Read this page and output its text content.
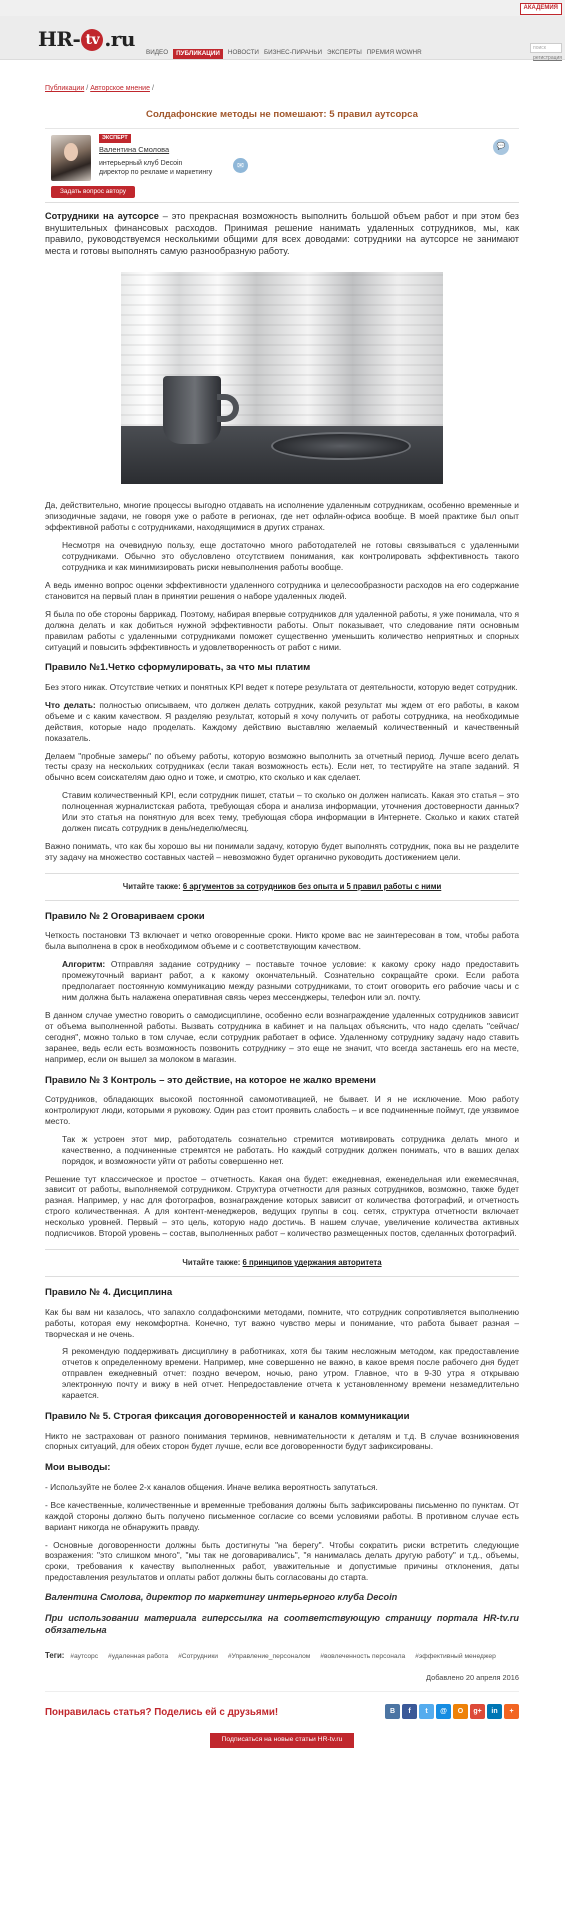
АКАДЕМИЯ
HR- tv .ru
ВИДЕО	ПУБЛИКАЦИИ	НОВОСТИ БИЗНЕС-ПИРАНЬИ ЭКСПЕРТЫ ПРЕМИЯ WOWHR
поиск
регистрация
Публикации / Авторское мнение /
Солдафонские методы не помешают: 5 правил аутсорса
ЭКСПЕРТ
Валентина Смолова
интерьерный клуб Decoin
директор по рекламе и маркетингу
✉
Задать вопрос автору
💬

Сотрудники на аутсорсе – это прекрасная возможность выполнить большой объем работ и при этом без внушительных финансовых расходов. Принимая решение нанимать удаленных сотрудников, мы, как правило, руководствуемся несколькими общими для всех доводами: сотрудники на аутсорсе не занимают места и готовы выполнять самую разнообразную работу.

Да, действительно, многие процессы выгодно отдавать на исполнение удаленным сотрудникам, особенно временные и эпизодичные задачи, не говоря уже о работе в регионах, где нет офлайн-офиса вообще. В моей практике был опыт эффективной работы с сотрудниками, находящимися в других странах.

Несмотря на очевидную пользу, еще достаточно много работодателей не готовы связываться с удаленными сотрудниками. Обычно это обусловлено отсутствием понимания, как контролировать эффективность такого сотрудника и как минимизировать риски невыполнения работы вообще.

А ведь именно вопрос оценки эффективности удаленного сотрудника и целесообразности расходов на его содержание становится на первый план в принятии решения о наборе удаленных людей.

Я была по обе стороны баррикад. Поэтому, набирая впервые сотрудников для удаленной работы, я уже понимала, что я должна делать и как добиться нужной эффективности работы. Опыт показывает, что следование пяти основным правилам работы с удаленными сотрудниками поможет существенно уменьшить количество неприятных и спорных ситуаций и повысить эффективность и удовлетворенность от работ с ними.

Правило №1.Четко сформулировать, за что мы платим

Без этого никак. Отсутствие четких и понятных KPI ведет к потере результата от деятельности, которую ведет сотрудник.

Что делать: полностью описываем, что должен делать сотрудник, какой результат мы ждем от его работы, в каком объеме и с каким качеством. Я разделяю результат, который я хочу получить от работы сотрудника, на необходимые действия, которые надо проделать. Каждому действию выставляю желаемый количественный и качественный показатель.

Делаем "пробные замеры" по объему работы, которую возможно выполнить за отчетный период. Лучше всего делать тесты сразу на нескольких сотрудниках (если такая возможность есть). Если нет, то тестируйте на этапе заданий. Я обычно всем соискателям даю одно и тоже, и смотрю, кто сколько и как сделает.

Ставим количественный KPI, если сотрудник пишет, статьи – то сколько он должен написать. Какая это статья – это полноценная журналистская работа, требующая сбора и анализа информации, уточнения достоверности данных? Или это статья на понятную для всех тему, требующая сбора информации в Интернете. Сколько и каких статей должен писать сотрудник в день/неделю/месяц.

Важно понимать, что как бы хорошо вы ни понимали задачу, которую будет выполнять сотрудник, пока вы не разделите эту задачу на множество составных частей – невозможно будет органично руководить достижением цели.

Читайте также: 6 аргументов за сотрудников без опыта и 5 правил работы с ними
Правило № 2 Оговариваем сроки

Четкость постановки ТЗ включает и четко оговоренные сроки. Никто кроме вас не заинтересован в том, чтобы работа была выполнена в срок в необходимом объеме и с соответствующим качеством.

Алгоритм: Отправляя задание сотруднику – поставьте точное условие: к какому сроку надо предоставить промежуточный вариант работ, а к какому окончательный. Сознательно сокращайте сроки. Если работа предполагает постоянную коммуникацию между разными сотрудниками, то стоит оговорить его рабочие часы и с ним должна быть налажена оперативная связь через мессенджеры, телефон или эл. почту.

В данном случае уместно говорить о самодисциплине, особенно если вознаграждение удаленных сотрудников зависит от объема выполненной работы. Вызвать сотрудника в кабинет и на пальцах объяснить, что надо сделать "сейчас/сегодня", можно только в том случае, если сотрудник работает в офисе. Удаленному сотруднику задачу надо ставить заранее, ведь если есть возможность позвонить сотруднику – это еще не значит, что всегда застанешь его на месте, например, если он вышел за молоком в магазин.

Правило № 3 Контроль – это действие, на которое не жалко времени

Сотрудников, обладающих высокой постоянной самомотивацией, не бывает. И я не исключение. Мою работу контролируют люди, которыми я руковожу. Один раз стоит проявить слабость – и все подчиненные поймут, где уязвимое место.

Так ж устроен этот мир, работодатель сознательно стремится мотивировать сотрудника делать много и качественно, а подчиненные стремятся не работать. Но каждый сотрудник должен понимать, что в ваших делах порядок, и возможности уйти от работы совершенно нет.

Решение тут классическое и простое – отчетность. Какая она будет: ежедневная, еженедельная или ежемесячная, зависит от работы, выполняемой сотрудником. Структура отчетности для разных сотрудников, возможно, также будет разная. Например, у нас для фотографов, вознаграждение которых зависит от количества фотографий, и отчетность строго количественная. А для контент-менеджеров, ведущих группы в соц. сетях, структура отчетности включает несколько уровней. Первый – это цель, которую надо достичь. В нашем случае, увеличение количества активных подписчиков. Второй уровень – состав, выполненных работ – количество размещенных постов, сделанных фотографий.

Читайте также: 6 принципов удержания авторитета
Правило № 4. Дисциплина

Как бы вам ни казалось, что запахло солдафонскими методами, помните, что сотрудник сопротивляется выполнению работы, которая ему некомфортна. Конечно, тут важно чувство меры и понимание, что работа бывает разная – творческая и не очень.

Я рекомендую поддерживать дисциплину в работниках, хотя бы таким несложным методом, как предоставление отчетов к определенному времени. Например, мне совершенно не важно, в какое время после рабочего дня будет отправлен ежедневный отчет: поздно вечером, ночью, рано утром. Главное, что в 9-30 утра я открываю электронную почту и вижу в ней отчет. Непредоставление отчета к установленному времени незамедлительно карается.

Правило № 5. Строгая фиксация договоренностей и каналов коммуникации

Никто не застрахован от разного понимания терминов, невнимательности к деталям и т.д. В случае возникновения спорных ситуаций, для обеих сторон будет лучше, если все договоренности будут зафиксированы.

Мои выводы:

- Используйте не более 2-х каналов общения. Иначе велика вероятность запутаться.

- Все качественные, количественные и временные требования должны быть зафиксированы письменно по пунктам. От каждой стороны должно быть получено письменное согласие со всеми условиями работы. В противном случае есть вариант никогда не обнаружить правду.

- Основные договоренности должны быть достигнуты "на берегу". Чтобы сократить риски встретить следующие возражения: "это слишком много", "мы так не договаривались", "я нанималась делать другую работу" и т.д., объемы, сроки, требования к качеству выполненных работ, уважительные и допустимые причины отклонения, даты предоставления результатов и оплаты работ должны быть согласованы до старта.

Валентина Смолова, директор по маркетингу интерьерного клуба Decoin

При использовании материала гиперссылка на соответствующую страницу портала HR-tv.ru обязательна

Теги: #аутсорс #удаленная работа #Сотрудники #Управление_персоналом #вовлеченность персонала #эффективный менеджер
Добавлено 20 апреля 2016
Понравилась статья? Поделись ей с друзьями!	В	f	t	@	О	g+	in	+
Подписаться на новые статьи HR-tv.ru
